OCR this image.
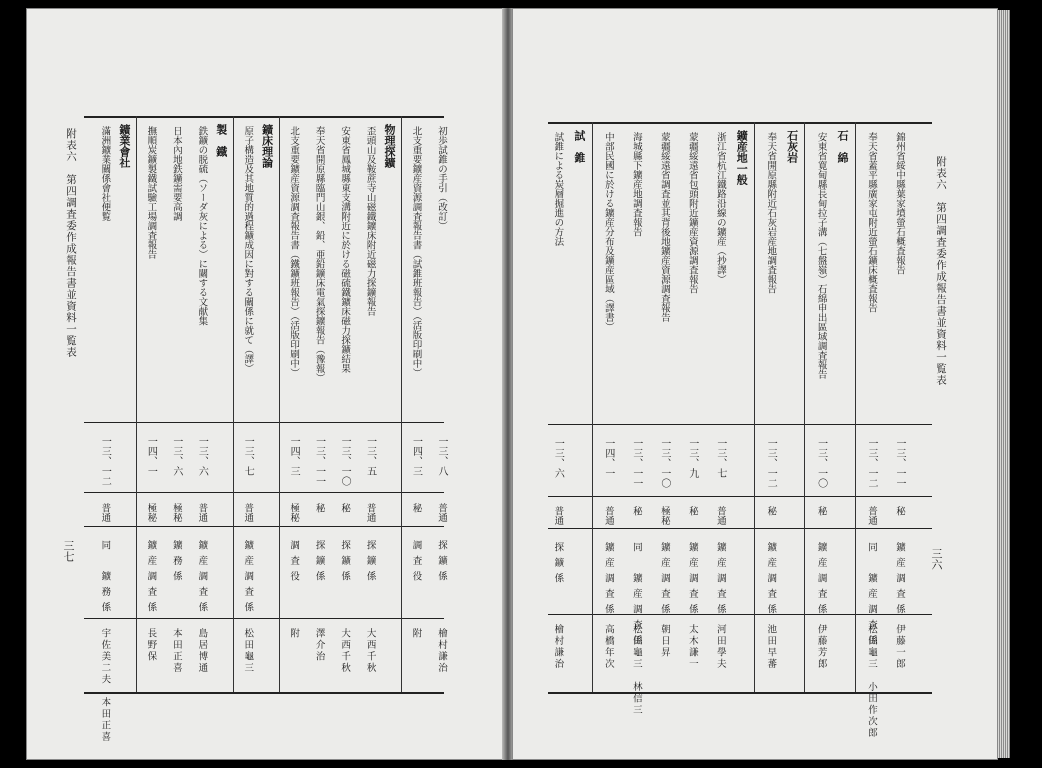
附表六　第四調査委作成報告書並資料一覧表
三七
初歩試錐の手引（改訂）
一三、八
普通
探鑛係
檜村謙治
北支重要鑛産資源調査報告書（試錐班報告）（活版印刷中）
一四、三
秘
調査役
附
物理探鑛
歪頭山及鞍蔗寺山磁鐵鑛床附近磁力探鑛報告
一三、五
普通
探鑛係
大西千秋
安東省鳳城縣東支溝附近に於ける磁硫鐵鑛床磁力探鑛結果
一三、一〇
秘
探鑛係
大西千秋
奉天省開原縣臨門山銀、鉛、亜鉛鑛床電氣探鑛報告（豫報）
一三、一一
秘
探鑛係
澤介治
北支重要鑛産資源調査報告書（鐵鑛班報告）（活版印刷中）
一四、三
極秘
調査役
附
鑛床理論
原子構造及其地質的過程鑛成因に對する關係に就て（譯）
一三、七
普通
鑛産調査係
松田龜三
製　鐵
鉄鑛の脱硫（ソーダ灰による）に關する文献集
一三、六
普通
鑛産調査係
島居博通
日本內地鉄鑛需要高調
一三、六
極秘
鑛務係
本田正喜
撫順炭鑛製鐵試驗工場調査報告
一四、一
極秘
鑛産調査係
長野保
鑛業會社
滿洲鑛業關係會社便覧
一三、一二
普通
同　鑛務係
宇佐美二夫　本田正喜
附表六　第四調査委作成報告書並資料一覧表
三六
錦州省綏中縣葉家墳螢石概査報告
一三、一一
秘
鑛産調査係
伊藤一郎
奉天省蓋平縣廣家屯附近螢石鑛床概査報告
一三、一二
普通
同　鑛産調査係
松田龜三　小田作次郎
石　綿
安東省寛甸縣長甸拉子溝（七盤嶺）石綿申出區域調査報告
一三、一〇
秘
鑛産調査係
伊藤芳郎
石灰岩
奉天省開原縣附近石灰岩産地調査報告
一三、一二
秘
鑛産調査係
池田早蕃
鑛産地一般
浙江省杭江鐵路沿線の鑛産（抄譯）
一三、七
普通
鑛産調査係
河田學夫
蒙疆綏遠省包頭附近鑛産資源調査報告
一三、九
秘
鑛産調査係
太木謙一
蒙疆綏遠省調査並其背後地鑛産資源調査報告
一三、一〇
極秘
鑛産調査係
朝日昇
海城縣下鑛産地調査報告
一三、一一
秘
同　鑛産調査係
松田龜三　林信三
中部民國に於ける鑛産分布及鑛産區域（譯書）
一四、一
普通
鑛産調査係
高橋年次
試　錐
試錐による炭層掘進の方法
一三、六
普通
探鑛係
檜村謙治
